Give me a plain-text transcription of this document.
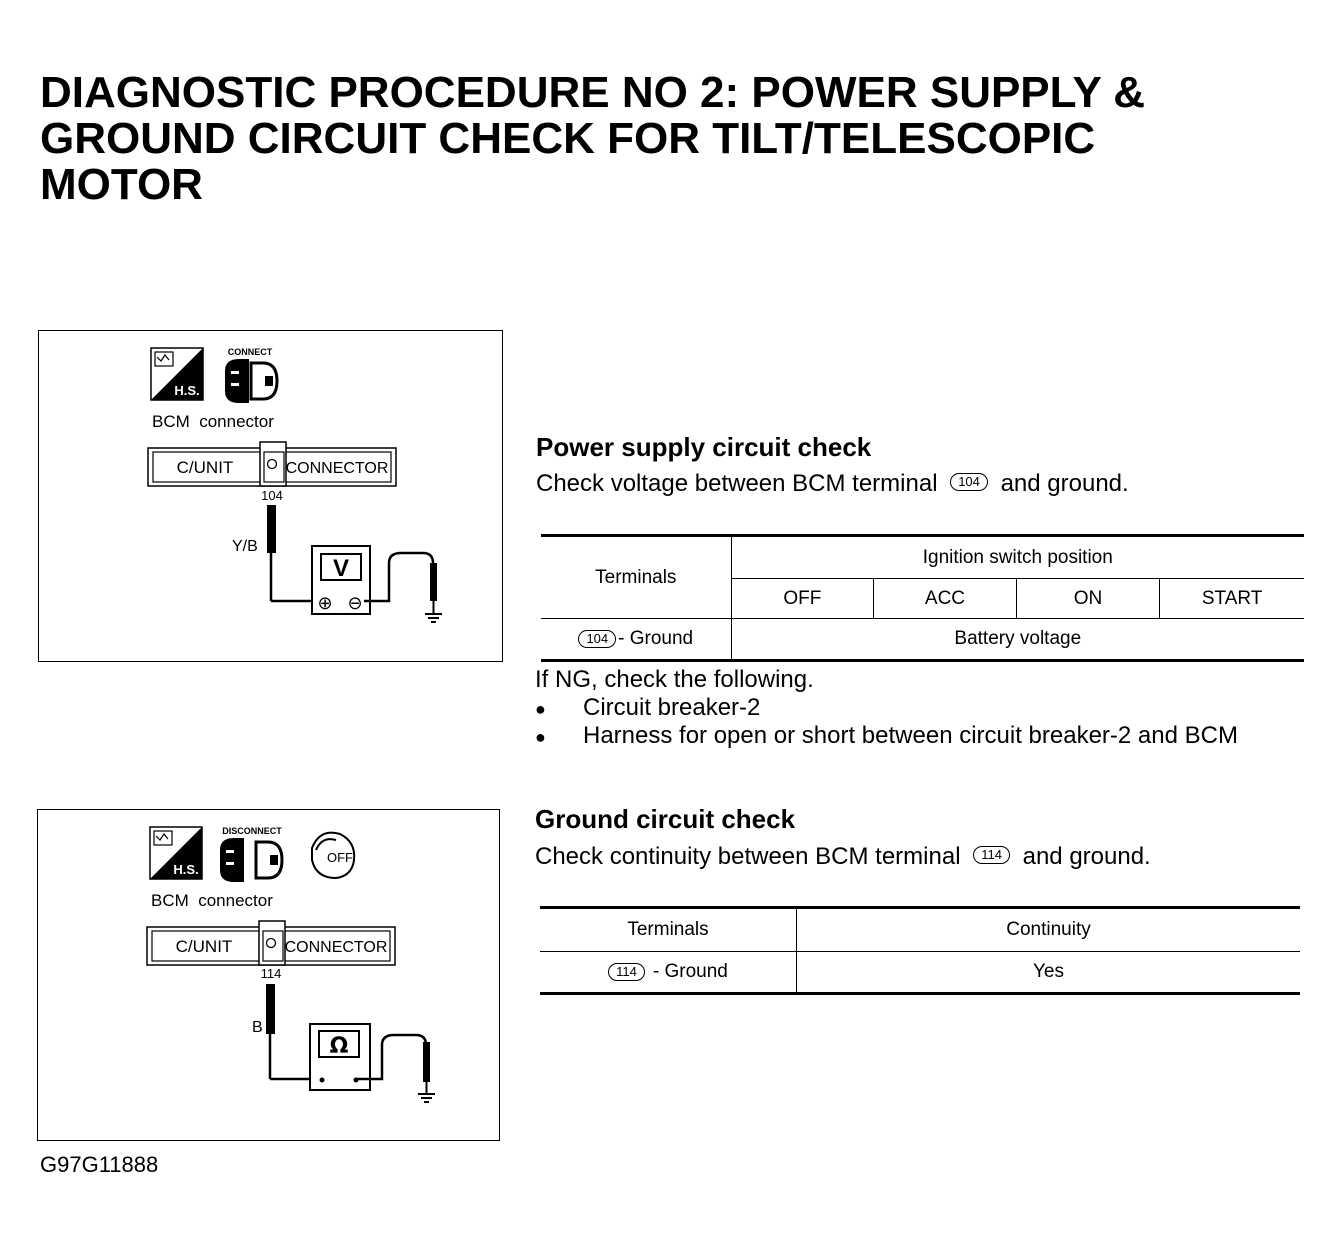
DIAGNOSTIC PROCEDURE NO 2: POWER SUPPLY &
GROUND CIRCUIT CHECK FOR TILT/TELESCOPIC
MOTOR
H.S.
CONNECT
BCM  connector
C/UNIT	CONNECTOR
104
Y/B
V
⊕ ⊖
H.S.
DISCONNECT
OFF
BCM  connector
C/UNIT	CONNECTOR
114
B
Ω
Power supply circuit check
Check voltage between BCM terminal 104 and ground.
Terminals	Ignition switch position			
	OFF	ACC	ON	START
104 - Ground	Battery voltage			
If NG, check the following.
● Circuit breaker-2
● Harness for open or short between circuit breaker-2 and BCM
Ground circuit check
Check continuity between BCM terminal 114 and ground.
Terminals	Continuity
114 - Ground	Yes
G97G11888
